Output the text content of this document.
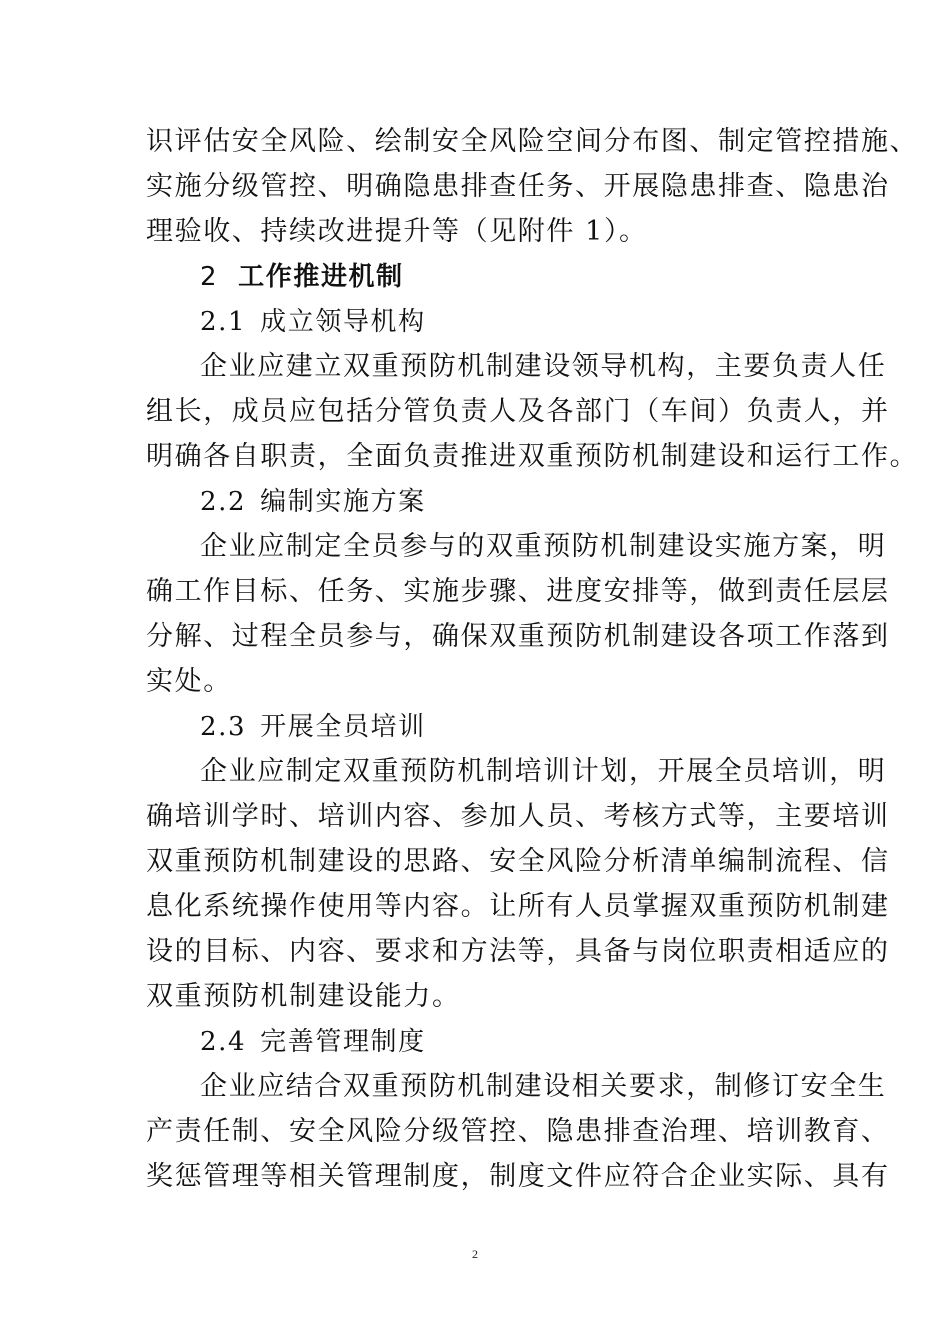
识评估安全风险、绘制安全风险空间分布图、制定管控措施、
实施分级管控、明确隐患排查任务、开展隐患排查、隐患治
理验收、持续改进提升等（见附件 1）。
2 工作推进机制
2.1 成立领导机构
企业应建立双重预防机制建设领导机构，主要负责人任
组长，成员应包括分管负责人及各部门（车间）负责人，并
明确各自职责，全面负责推进双重预防机制建设和运行工作。
2.2 编制实施方案
企业应制定全员参与的双重预防机制建设实施方案，明
确工作目标、任务、实施步骤、进度安排等，做到责任层层
分解、过程全员参与，确保双重预防机制建设各项工作落到
实处。
2.3 开展全员培训
企业应制定双重预防机制培训计划，开展全员培训，明
确培训学时、培训内容、参加人员、考核方式等，主要培训
双重预防机制建设的思路、安全风险分析清单编制流程、信
息化系统操作使用等内容。让所有人员掌握双重预防机制建
设的目标、内容、要求和方法等，具备与岗位职责相适应的
双重预防机制建设能力。
2.4 完善管理制度
企业应结合双重预防机制建设相关要求，制修订安全生
产责任制、安全风险分级管控、隐患排查治理、培训教育、
奖惩管理等相关管理制度，制度文件应符合企业实际、具有
2
